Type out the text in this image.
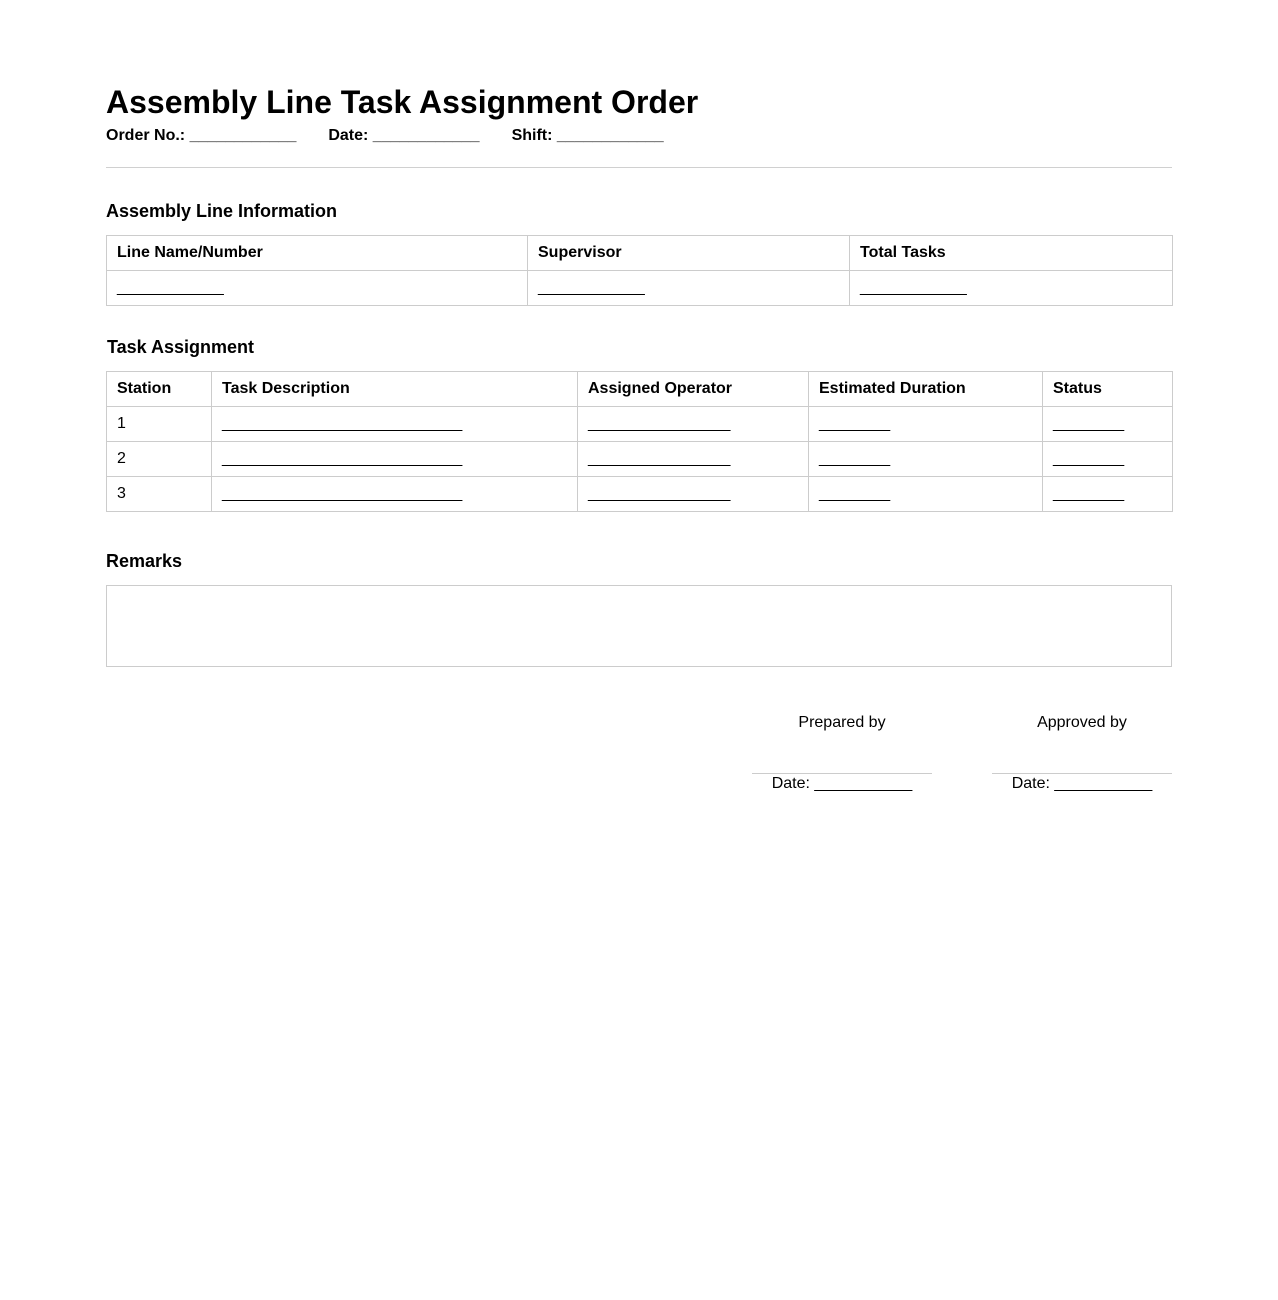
Assembly Line Task Assignment Order
Order No.: ____________ Date: ____________ Shift: ____________
Assembly Line Information
Line Name/Number	Supervisor	Total Tasks
____________	____________	____________
Task Assignment
Station	Task Description	Assigned Operator	Estimated Duration	Status
1	___________________________	________________	________	________
2	___________________________	________________	________	________
3	___________________________	________________	________	________
Remarks
Prepared by
Date: ___________
Approved by
Date: ___________
